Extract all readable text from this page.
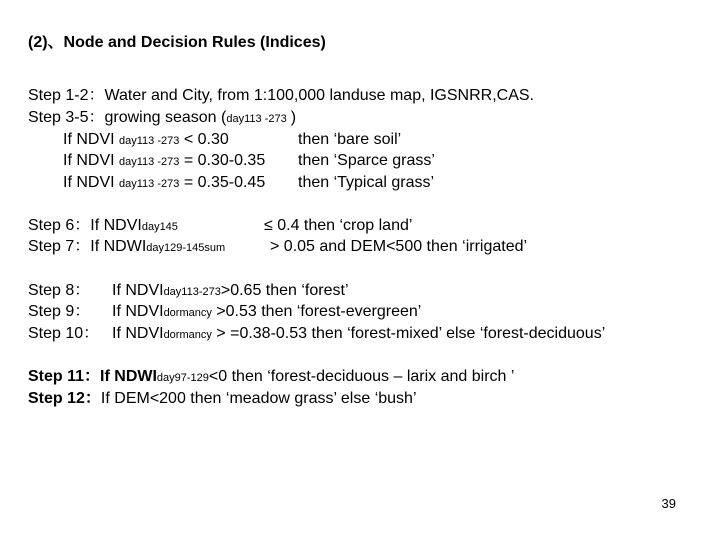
(2)、Node and Decision Rules (Indices)
Step 1-2：Water and City, from 1:100,000 landuse map, IGSNRR,CAS.
Step 3-5：growing season (day113 -273 )
If NDVI day113 -273 < 0.30	then ‘bare soil’
If NDVI day113 -273 = 0.30-0.35 then ‘Sparce grass’
If NDVI day113 -273 = 0.35-0.45 then ‘Typical grass’
Step 6：If NDVIday145	≤ 0.4 then ‘crop land’
Step 7：If NDWIday129-145sum	> 0.05 and DEM<500 then ‘irrigated’
Step 8： If NDVIday113-273>0.65 then ‘forest’
Step 9： If NDVIdormancy >0.53 then ‘forest-evergreen’
Step 10： If NDVIdormancy > =0.38-0.53 then ‘forest-mixed’ else ‘forest-deciduous’
Step 11：If NDWIday97-129<0 then ‘forest-deciduous – larix and birch ’
Step 12：If DEM<200 then ‘meadow grass’ else ‘bush’
39
